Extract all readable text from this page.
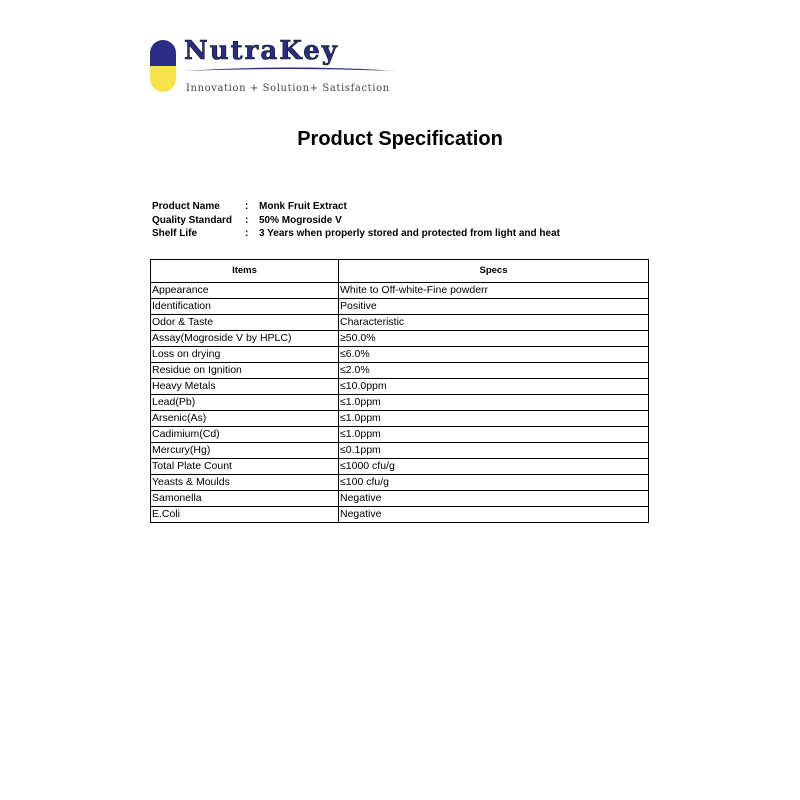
NutraKey
Innovation + Solution+ Satisfaction
Product Specification
Product Name	: Monk Fruit Extract
Quality Standard : 50% Mogroside V
Shelf Life	: 3 Years when properly stored and protected from light and heat
Items	Specs
Appearance	White to Off-white-Fine powderr
Identification	Positive
Odor & Taste	Characteristic
Assay(Mogroside V by HPLC)	≥50.0%
Loss on drying	≤6.0%
Residue on Ignition	≤2.0%
Heavy Metals	≤10.0ppm
Lead(Pb)	≤1.0ppm
Arsenic(As)	≤1.0ppm
Cadimium(Cd)	≤1.0ppm
Mercury(Hg)	≤0.1ppm
Total Plate Count	≤1000 cfu/g
Yeasts & Moulds	≤100 cfu/g
Samonella	Negative
E.Coli	Negative
